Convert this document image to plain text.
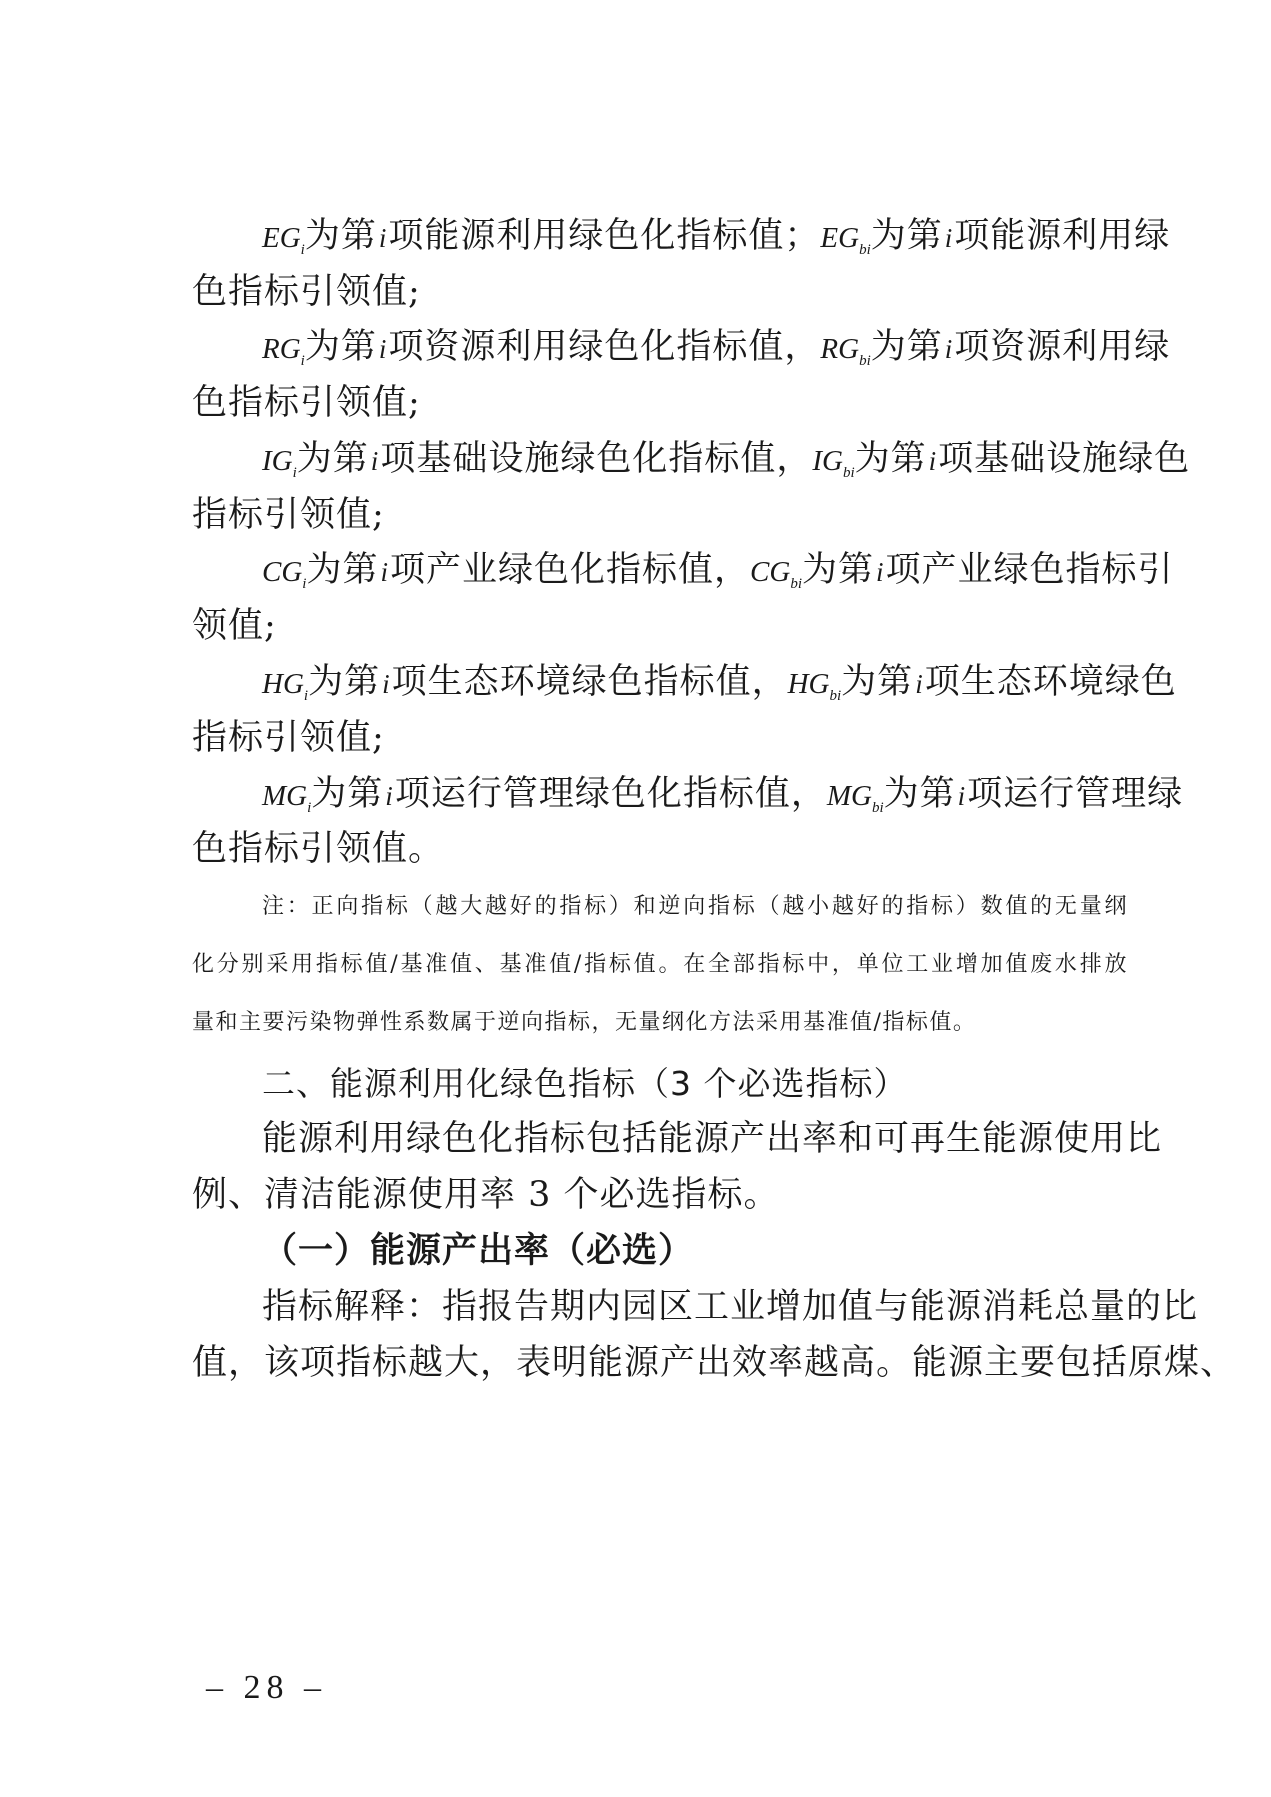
$EG_i$为第i项能源利用绿色化指标值；$EG_{bi}$为第i项能源利用绿
色指标引领值;
$RG_i$为第i项资源利用绿色化指标值，$RG_{bi}$为第i项资源利用绿
色指标引领值;
$IG_i$为第i项基础设施绿色化指标值，$IG_{bi}$为第i项基础设施绿色
指标引领值;
$CG_i$为第i项产业绿色化指标值，$CG_{bi}$为第i项产业绿色指标引
领值;
$HG_i$为第i项生态环境绿色指标值，$HG_{bi}$为第i项生态环境绿色
指标引领值;
$MG_i$为第i项运行管理绿色化指标值，$MG_{bi}$为第i项运行管理绿
色指标引领值。
注：正向指标（越大越好的指标）和逆向指标（越小越好的指标）数值的无量纲
化分别采用指标值/基准值、基准值/指标值。在全部指标中，单位工业增加值废水排放
量和主要污染物弹性系数属于逆向指标，无量纲化方法采用基准值/指标值。
二、能源利用化绿色指标（3 个必选指标）
能源利用绿色化指标包括能源产出率和可再生能源使用比
例、清洁能源使用率 3 个必选指标。
（一）能源产出率（必选）
指标解释：指报告期内园区工业增加值与能源消耗总量的比
值，该项指标越大，表明能源产出效率越高。能源主要包括原煤、
– 28 –
